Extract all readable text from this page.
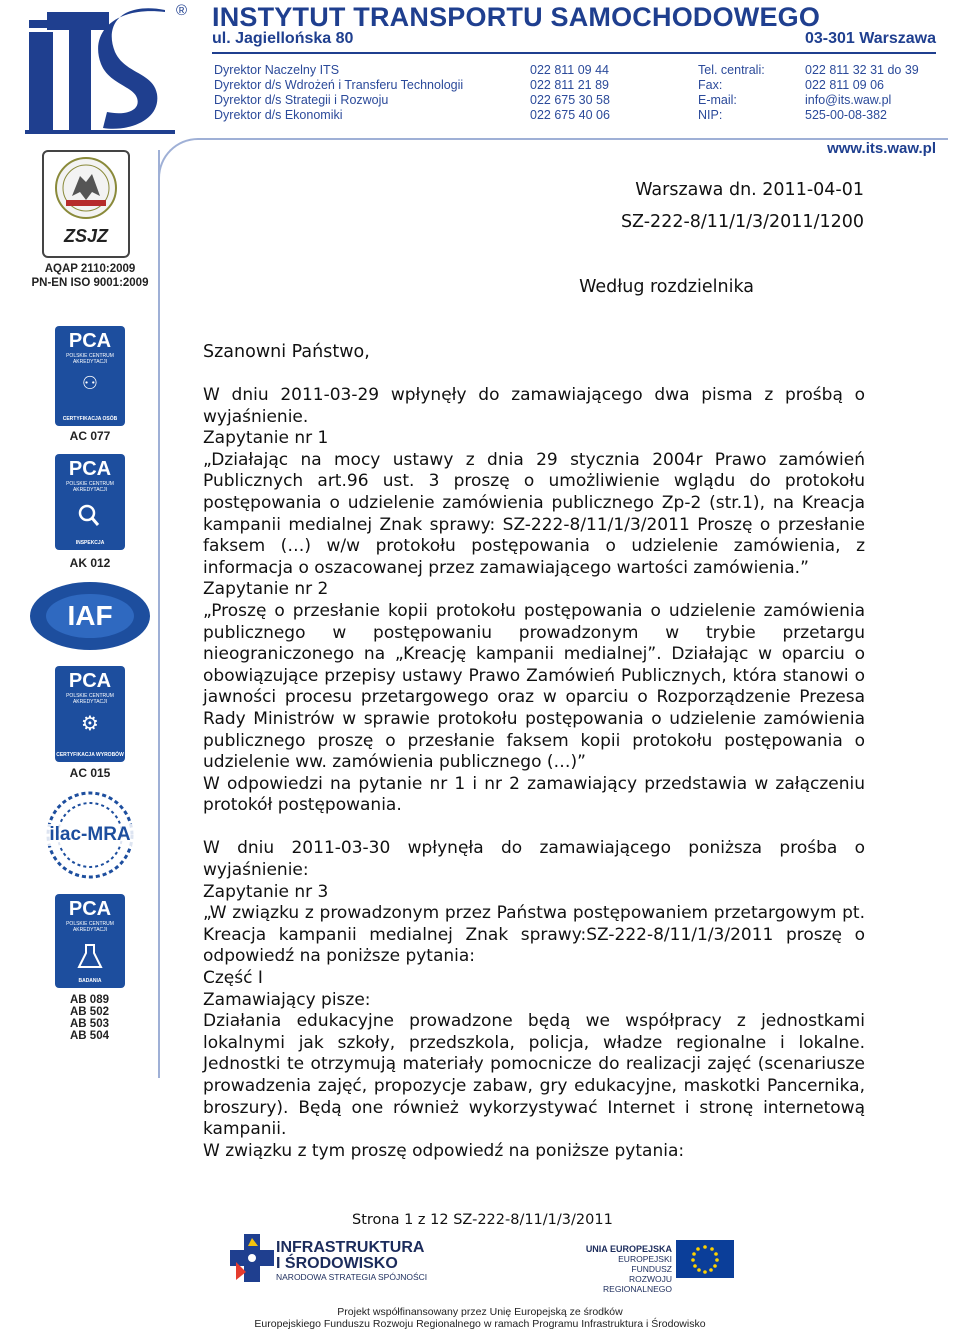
® INSTYTUT TRANSPORTU SAMOCHODOWEGO
ul. Jagiellońska 80	03-301 Warszawa
Dyrektor Naczelny ITS
Dyrektor d/s Wdrożeń i Transferu Technologii
Dyrektor d/s Strategii i Rozwoju
Dyrektor d/s Ekonomiki
022 811 09 44
022 811 21 89
022 675 30 58
022 675 40 06
Tel. centrali:
Fax:
E-mail:
NIP:
022 811 32 31 do 39
022 811 09 06
info@its.waw.pl
525-00-08-382
www.its.waw.pl
ZSJZ
AQAP 2110:2009
PN-EN ISO 9001:2009
PCA
POLSKIE CENTRUM AKREDYTACJI
⚇
CERTYFIKACJA OSÓB
AC 077
PCA
POLSKIE CENTRUM AKREDYTACJI
INSPEKCJA
AK 012
IAF
PCA
POLSKIE CENTRUM AKREDYTACJI
⚙
CERTYFIKACJA WYROBÓW
AC 015
ilac-MRA
PCA
POLSKIE CENTRUM AKREDYTACJI
BADANIA
AB 089
AB 502
AB 503
AB 504
Warszawa dn. 2011-04-01
SZ-222-8/11/1/3/2011/1200
Według rozdzielnika
Szanowni Państwo,

W dniu 2011-03-29 wpłynęły do zamawiającego dwa pisma z prośbą o wyjaśnienie.

Zapytanie nr 1

„Działając na mocy ustawy z dnia 29 stycznia 2004r Prawo zamówień Publicznych art.96 ust. 3 proszę o umożliwienie wglądu do protokołu postępowania o udzielenie zamówienia publicznego Zp-2 (str.1), na Kreacja kampanii medialnej Znak sprawy: SZ-222-8/11/1/3/2011 Proszę o przesłanie faksem (…) w/w protokołu postępowania o udzielenie zamówienia, z informacja o oszacowanej przez zamawiającego wartości zamówienia.”

Zapytanie nr 2

„Proszę o przesłanie kopii protokołu postępowania o udzielenie zamówienia publicznego w postępowaniu prowadzonym w trybie przetargu nieograniczonego na „Kreację kampanii medialnej”. Działając w oparciu o obowiązujące przepisy ustawy Prawo Zamówień Publicznych, która stanowi o jawności procesu przetargowego oraz w oparciu o Rozporządzenie Prezesa Rady Ministrów w sprawie protokołu postępowania o udzielenie zamówienia publicznego proszę o przesłanie faksem kopii protokołu postępowania o udzielenie ww. zamówienia publicznego (…)”

W odpowiedzi na pytanie nr 1 i nr 2 zamawiający przedstawia w załączeniu protokół postępowania.

W dniu 2011-03-30 wpłynęła do zamawiającego poniższa prośba o wyjaśnienie:

Zapytanie nr 3

„W związku z prowadzonym przez Państwa postępowaniem przetargowym pt. Kreacja kampanii medialnej Znak sprawy:SZ-222-8/11/1/3/2011 proszę o odpowiedź na poniższe pytania:

Część I

Zamawiający pisze:

Działania edukacyjne prowadzone będą we współpracy z jednostkami lokalnymi jak szkoły, przedszkola, policja, władze regionalne i lokalne. Jednostki te otrzymują materiały pomocnicze do realizacji zajęć (scenariusze prowadzenia zajęć, propozycje zabaw, gry edukacyjne, maskotki Pancernika, broszury). Będą one również wykorzystywać Internet i stronę internetową kampanii.

W związku z tym proszę odpowiedź na poniższe pytania:

Strona 1 z 12 SZ-222-8/11/1/3/2011
INFRASTRUKTURA
I ŚRODOWISKO
NARODOWA STRATEGIA SPÓJNOŚCI
UNIA EUROPEJSKA
EUROPEJSKI FUNDUSZ
ROZWOJU REGIONALNEGO
Projekt współfinansowany przez Unię Europejską ze środków
Europejskiego Funduszu Rozwoju Regionalnego w ramach Programu Infrastruktura i Środowisko
